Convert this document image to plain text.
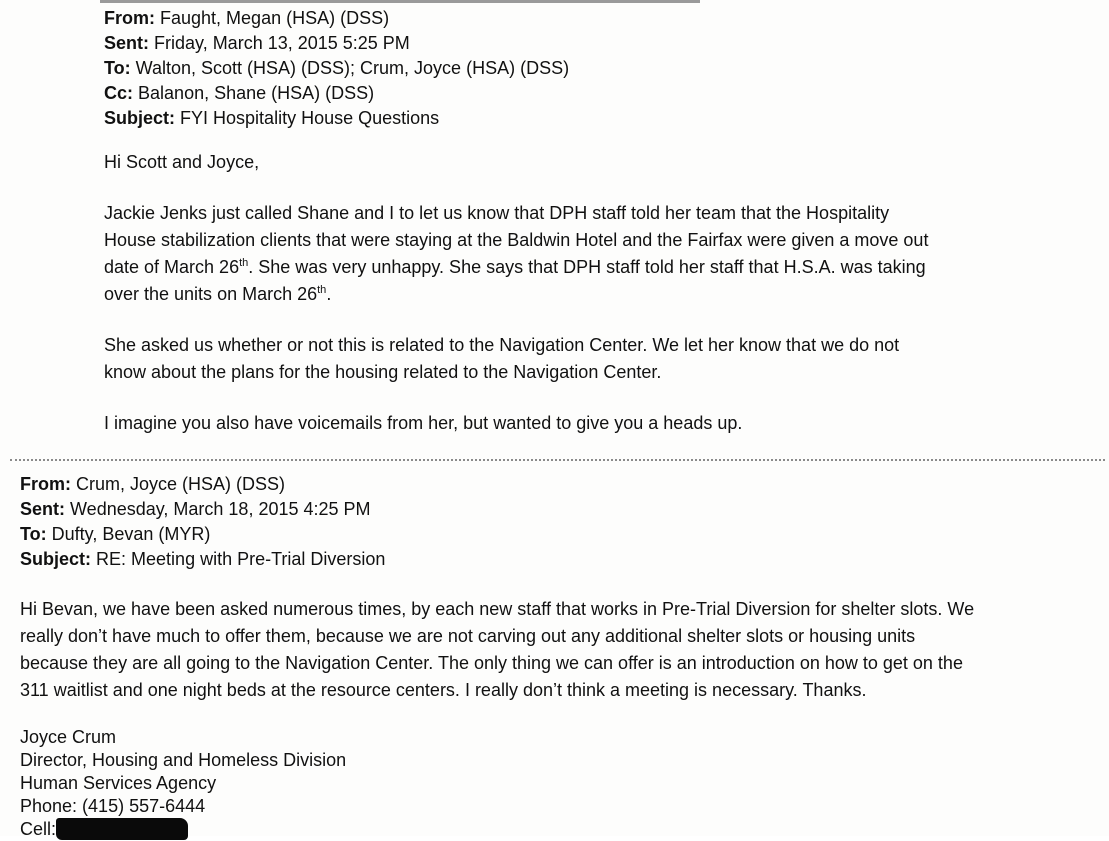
From: Faught, Megan (HSA) (DSS)
Sent: Friday, March 13, 2015 5:25 PM
To: Walton, Scott (HSA) (DSS); Crum, Joyce (HSA) (DSS)
Cc: Balanon, Shane (HSA) (DSS)
Subject: FYI Hospitality House Questions
Hi Scott and Joyce,
Jackie Jenks just called Shane and I to let us know that DPH staff told her team that the Hospitality
House stabilization clients that were staying at the Baldwin Hotel and the Fairfax were given a move out
date of March 26th. She was very unhappy. She says that DPH staff told her staff that H.S.A. was taking
over the units on March 26th.
She asked us whether or not this is related to the Navigation Center. We let her know that we do not
know about the plans for the housing related to the Navigation Center.
I imagine you also have voicemails from her, but wanted to give you a heads up.
From: Crum, Joyce (HSA) (DSS)
Sent: Wednesday, March 18, 2015 4:25 PM
To: Dufty, Bevan (MYR)
Subject: RE: Meeting with Pre-Trial Diversion
Hi Bevan, we have been asked numerous times, by each new staff that works in Pre-Trial Diversion for shelter slots. We
really don’t have much to offer them, because we are not carving out any additional shelter slots or housing units
because they are all going to the Navigation Center. The only thing we can offer is an introduction on how to get on the
311 waitlist and one night beds at the resource centers. I really don’t think a meeting is necessary. Thanks.
Joyce Crum
Director, Housing and Homeless Division
Human Services Agency
Phone: (415) 557-6444
Cell:
